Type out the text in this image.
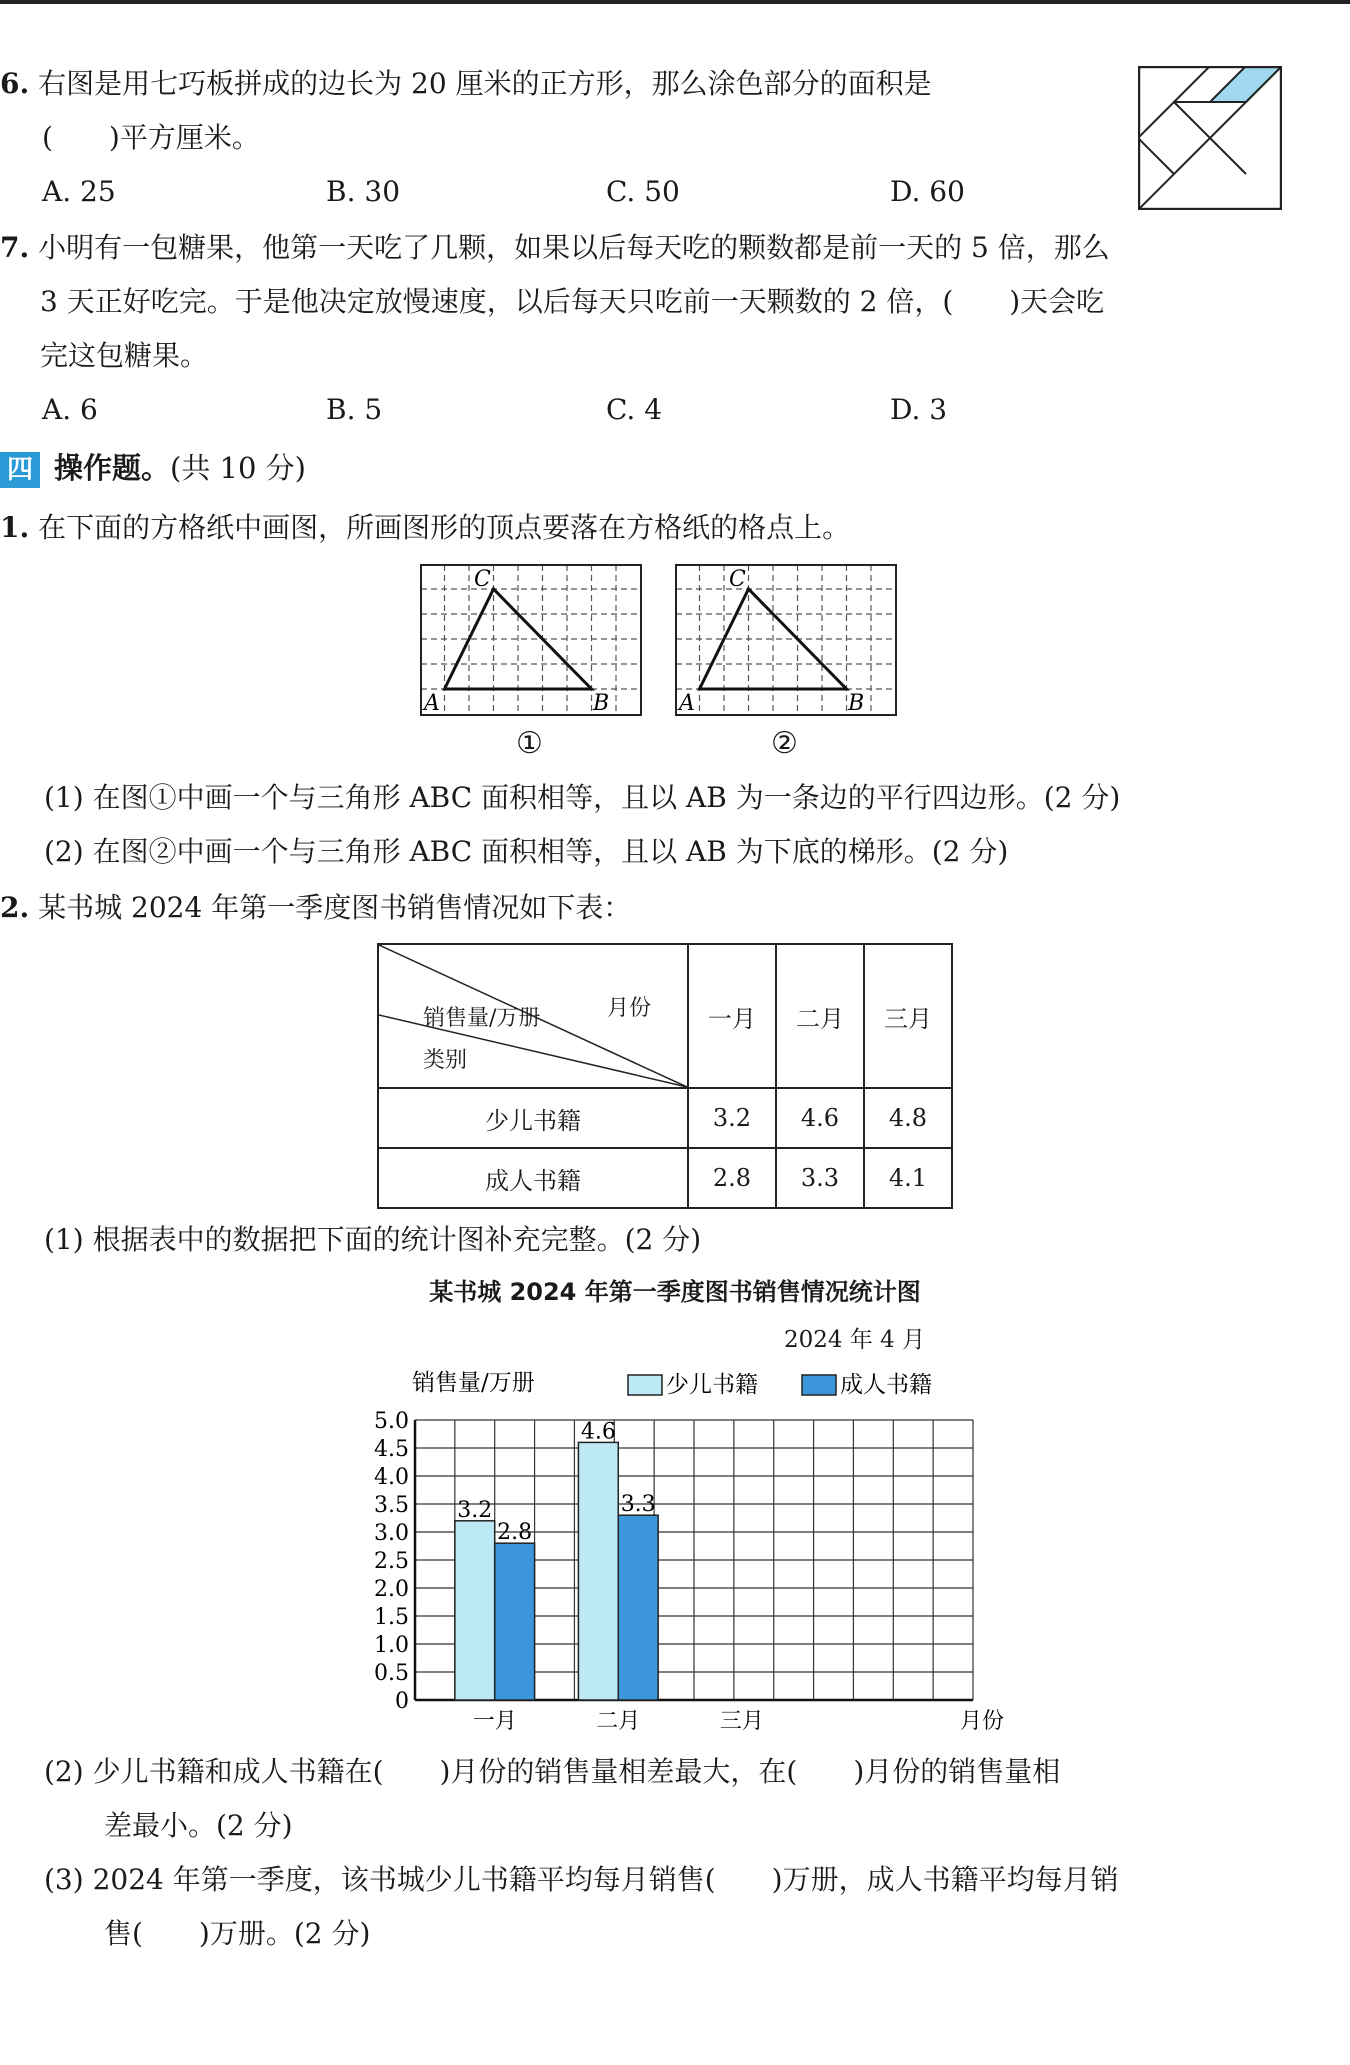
6. 右图是用七巧板拼成的边长为 20 厘米的正方形，那么涂色部分的面积是
(　　)平方厘米。
A. 25	B. 30	C. 50	D. 60
7. 小明有一包糖果，他第一天吃了几颗，如果以后每天吃的颗数都是前一天的 5 倍，那么
3 天正好吃完。于是他决定放慢速度，以后每天只吃前一天颗数的 2 倍，(　　)天会吃
完这包糖果。
A. 6	B. 5	C. 4	D. 3
四 操作题。(共 10 分)
1. 在下面的方格纸中画图，所画图形的顶点要落在方格纸的格点上。
A	B
C
A	B
C
①	②
(1) 在图①中画一个与三角形 ABC 面积相等，且以 AB 为一条边的平行四边形。(2 分)
(2) 在图②中画一个与三角形 ABC 面积相等，且以 AB 为下底的梯形。(2 分)
2. 某书城 2024 年第一季度图书销售情况如下表：
月份
销售量/万册
类别	一月	二月	三月
少儿书籍	3.2	4.6	4.8
成人书籍	2.8	3.3	4.1
(1) 根据表中的数据把下面的统计图补充完整。(2 分)
某书城 2024 年第一季度图书销售情况统计图
2024 年 4 月
销售量/万册	少儿书籍	成人书籍
0
0.5
1.0
1.5
2.0
2.5
3.0
3.5
4.0
4.5
5.0
3.2
2.8
4.6
3.3
一月	二月	三月	月份
(2) 少儿书籍和成人书籍在(　　)月份的销售量相差最大，在(　　)月份的销售量相
差最小。(2 分)
(3) 2024 年第一季度，该书城少儿书籍平均每月销售(　　)万册，成人书籍平均每月销
售(　　)万册。(2 分)
